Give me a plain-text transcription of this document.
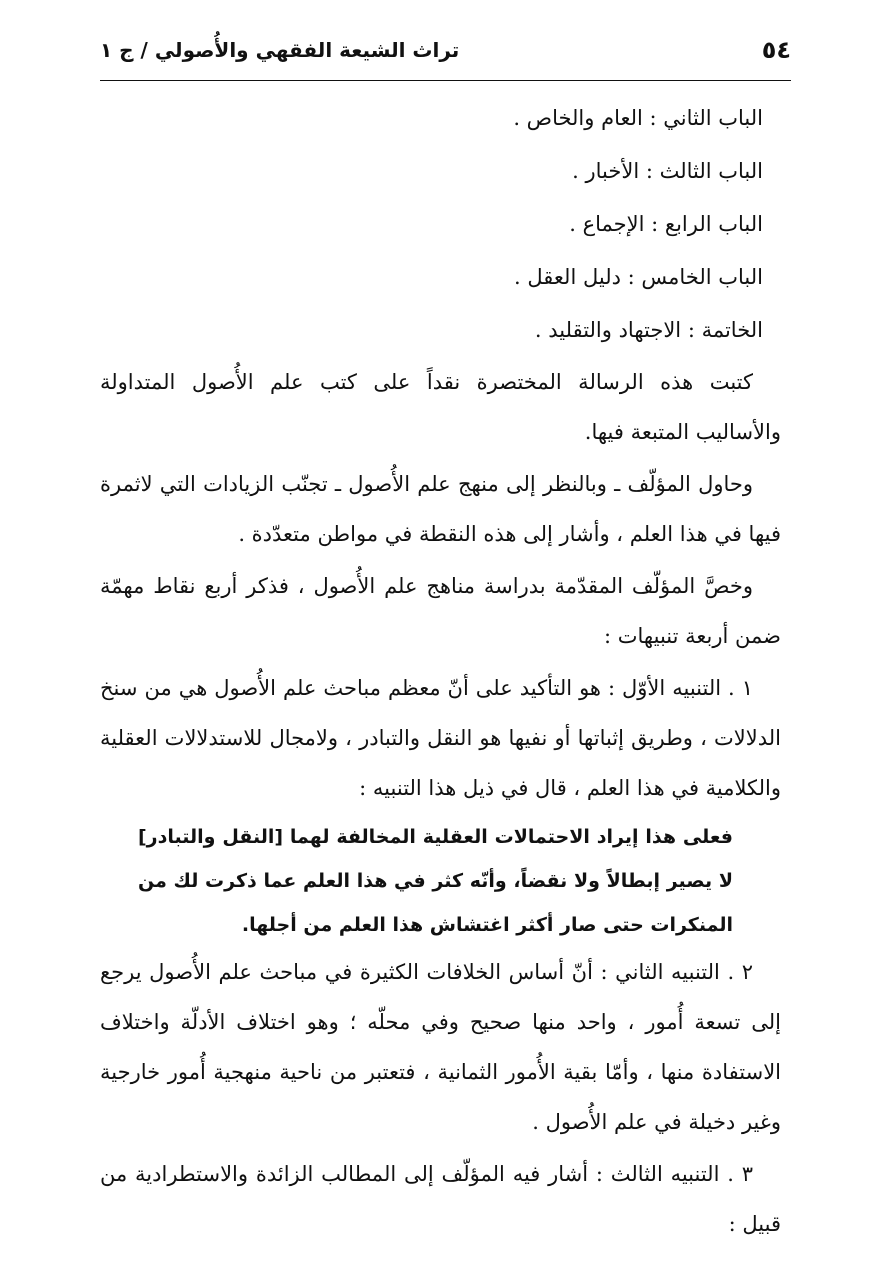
٥٤
تراث الشيعة الفقهي والأُصولي / ج ١

الباب الثاني : العام والخاص .

الباب الثالث : الأخبار .

الباب الرابع : الإجماع .

الباب الخامس : دليل العقل .

الخاتمة : الاجتهاد والتقليد .

كتبت هذه الرسالة المختصرة نقداً على كتب علم الأُصول المتداولة والأساليب المتبعة فيها.

وحاول المؤلّف ـ وبالنظر إلى منهج علم الأُصول ـ تجنّب الزيادات التي لاثمرة فيها في هذا العلم ، وأشار إلى هذه النقطة في مواطن متعدّدة .

وخصَّ المؤلّف المقدّمة بدراسة مناهج علم الأُصول ، فذكر أربع نقاط مهمّة ضمن أربعة تنبيهات :

١ . التنبيه الأوّل : هو التأكيد على أنّ معظم مباحث علم الأُصول هي من سنخ الدلالات ، وطريق إثباتها أو نفيها هو النقل والتبادر ، ولامجال للاستدلالات العقلية والكلامية في هذا العلم ، قال في ذيل هذا التنبيه :

فعلى هذا إيراد الاحتمالات العقلية المخالفة لهما [النقل والتبادر] لا يصير إبطالاً ولا نقضاً، وأنّه كثر في هذا العلم عما ذكرت لك من المنكرات حتى صار أكثر اغتشاش هذا العلم من أجلها.

٢ . التنبيه الثاني : أنّ أساس الخلافات الكثيرة في مباحث علم الأُصول يرجع إلى تسعة أُمور ، واحد منها صحيح وفي محلّه ؛ وهو اختلاف الأدلّة واختلاف الاستفادة منها ، وأمّا بقية الأُمور الثمانية ، فتعتبر من ناحية منهجية أُمور خارجية وغير دخيلة في علم الأُصول .

٣ . التنبيه الثالث : أشار فيه المؤلّف إلى المطالب الزائدة والاستطرادية من قبيل :
